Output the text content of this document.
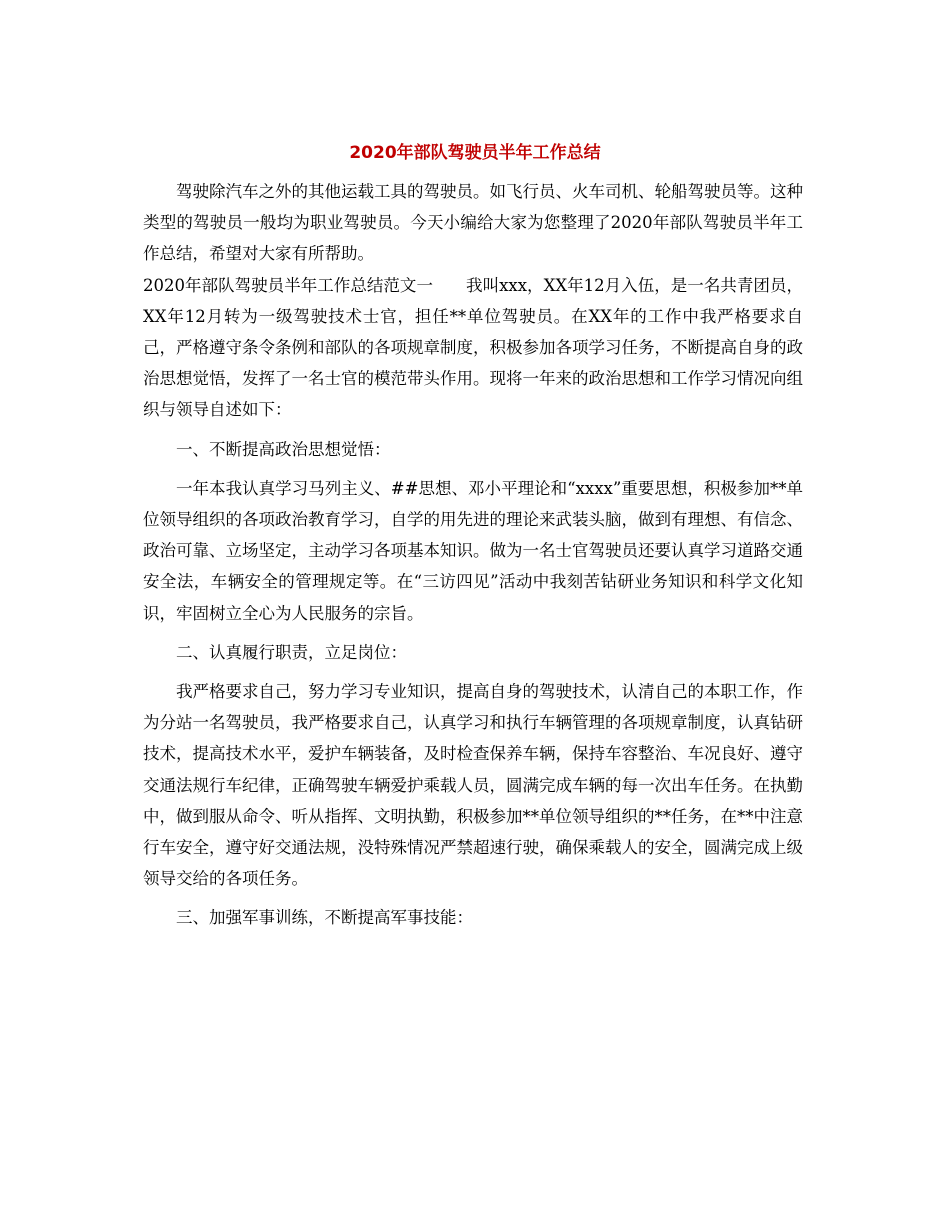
2020年部队驾驶员半年工作总结

驾驶除汽车之外的其他运载工具的驾驶员。如飞行员、火车司机、轮船驾驶员等。这种类型的驾驶员一般均为职业驾驶员。今天小编给大家为您整理了2020年部队驾驶员半年工作总结，希望对大家有所帮助。

2020年部队驾驶员半年工作总结范文一　　我叫xxx，XX年12月入伍，是一名共青团员，XX年12月转为一级驾驶技术士官，担任**单位驾驶员。在XX年的工作中我严格要求自己，严格遵守条令条例和部队的各项规章制度，积极参加各项学习任务，不断提高自身的政治思想觉悟，发挥了一名士官的模范带头作用。现将一年来的政治思想和工作学习情况向组织与领导自述如下：

一、不断提高政治思想觉悟：

一年本我认真学习马列主义、##思想、邓小平理论和“xxxx”重要思想，积极参加**单位领导组织的各项政治教育学习，自学的用先进的理论来武装头脑，做到有理想、有信念、政治可靠、立场坚定，主动学习各项基本知识。做为一名士官驾驶员还要认真学习道路交通安全法，车辆安全的管理规定等。在“三访四见”活动中我刻苦钻研业务知识和科学文化知识，牢固树立全心为人民服务的宗旨。

二、认真履行职责，立足岗位：

我严格要求自己，努力学习专业知识，提高自身的驾驶技术，认清自己的本职工作，作为分站一名驾驶员，我严格要求自己，认真学习和执行车辆管理的各项规章制度，认真钻研技术，提高技术水平，爱护车辆装备，及时检查保养车辆，保持车容整治、车况良好、遵守交通法规行车纪律，正确驾驶车辆爱护乘载人员，圆满完成车辆的每一次出车任务。在执勤中，做到服从命令、听从指挥、文明执勤，积极参加**单位领导组织的**任务，在**中注意行车安全，遵守好交通法规，没特殊情况严禁超速行驶，确保乘载人的安全，圆满完成上级领导交给的各项任务。

三、加强军事训练，不断提高军事技能：
